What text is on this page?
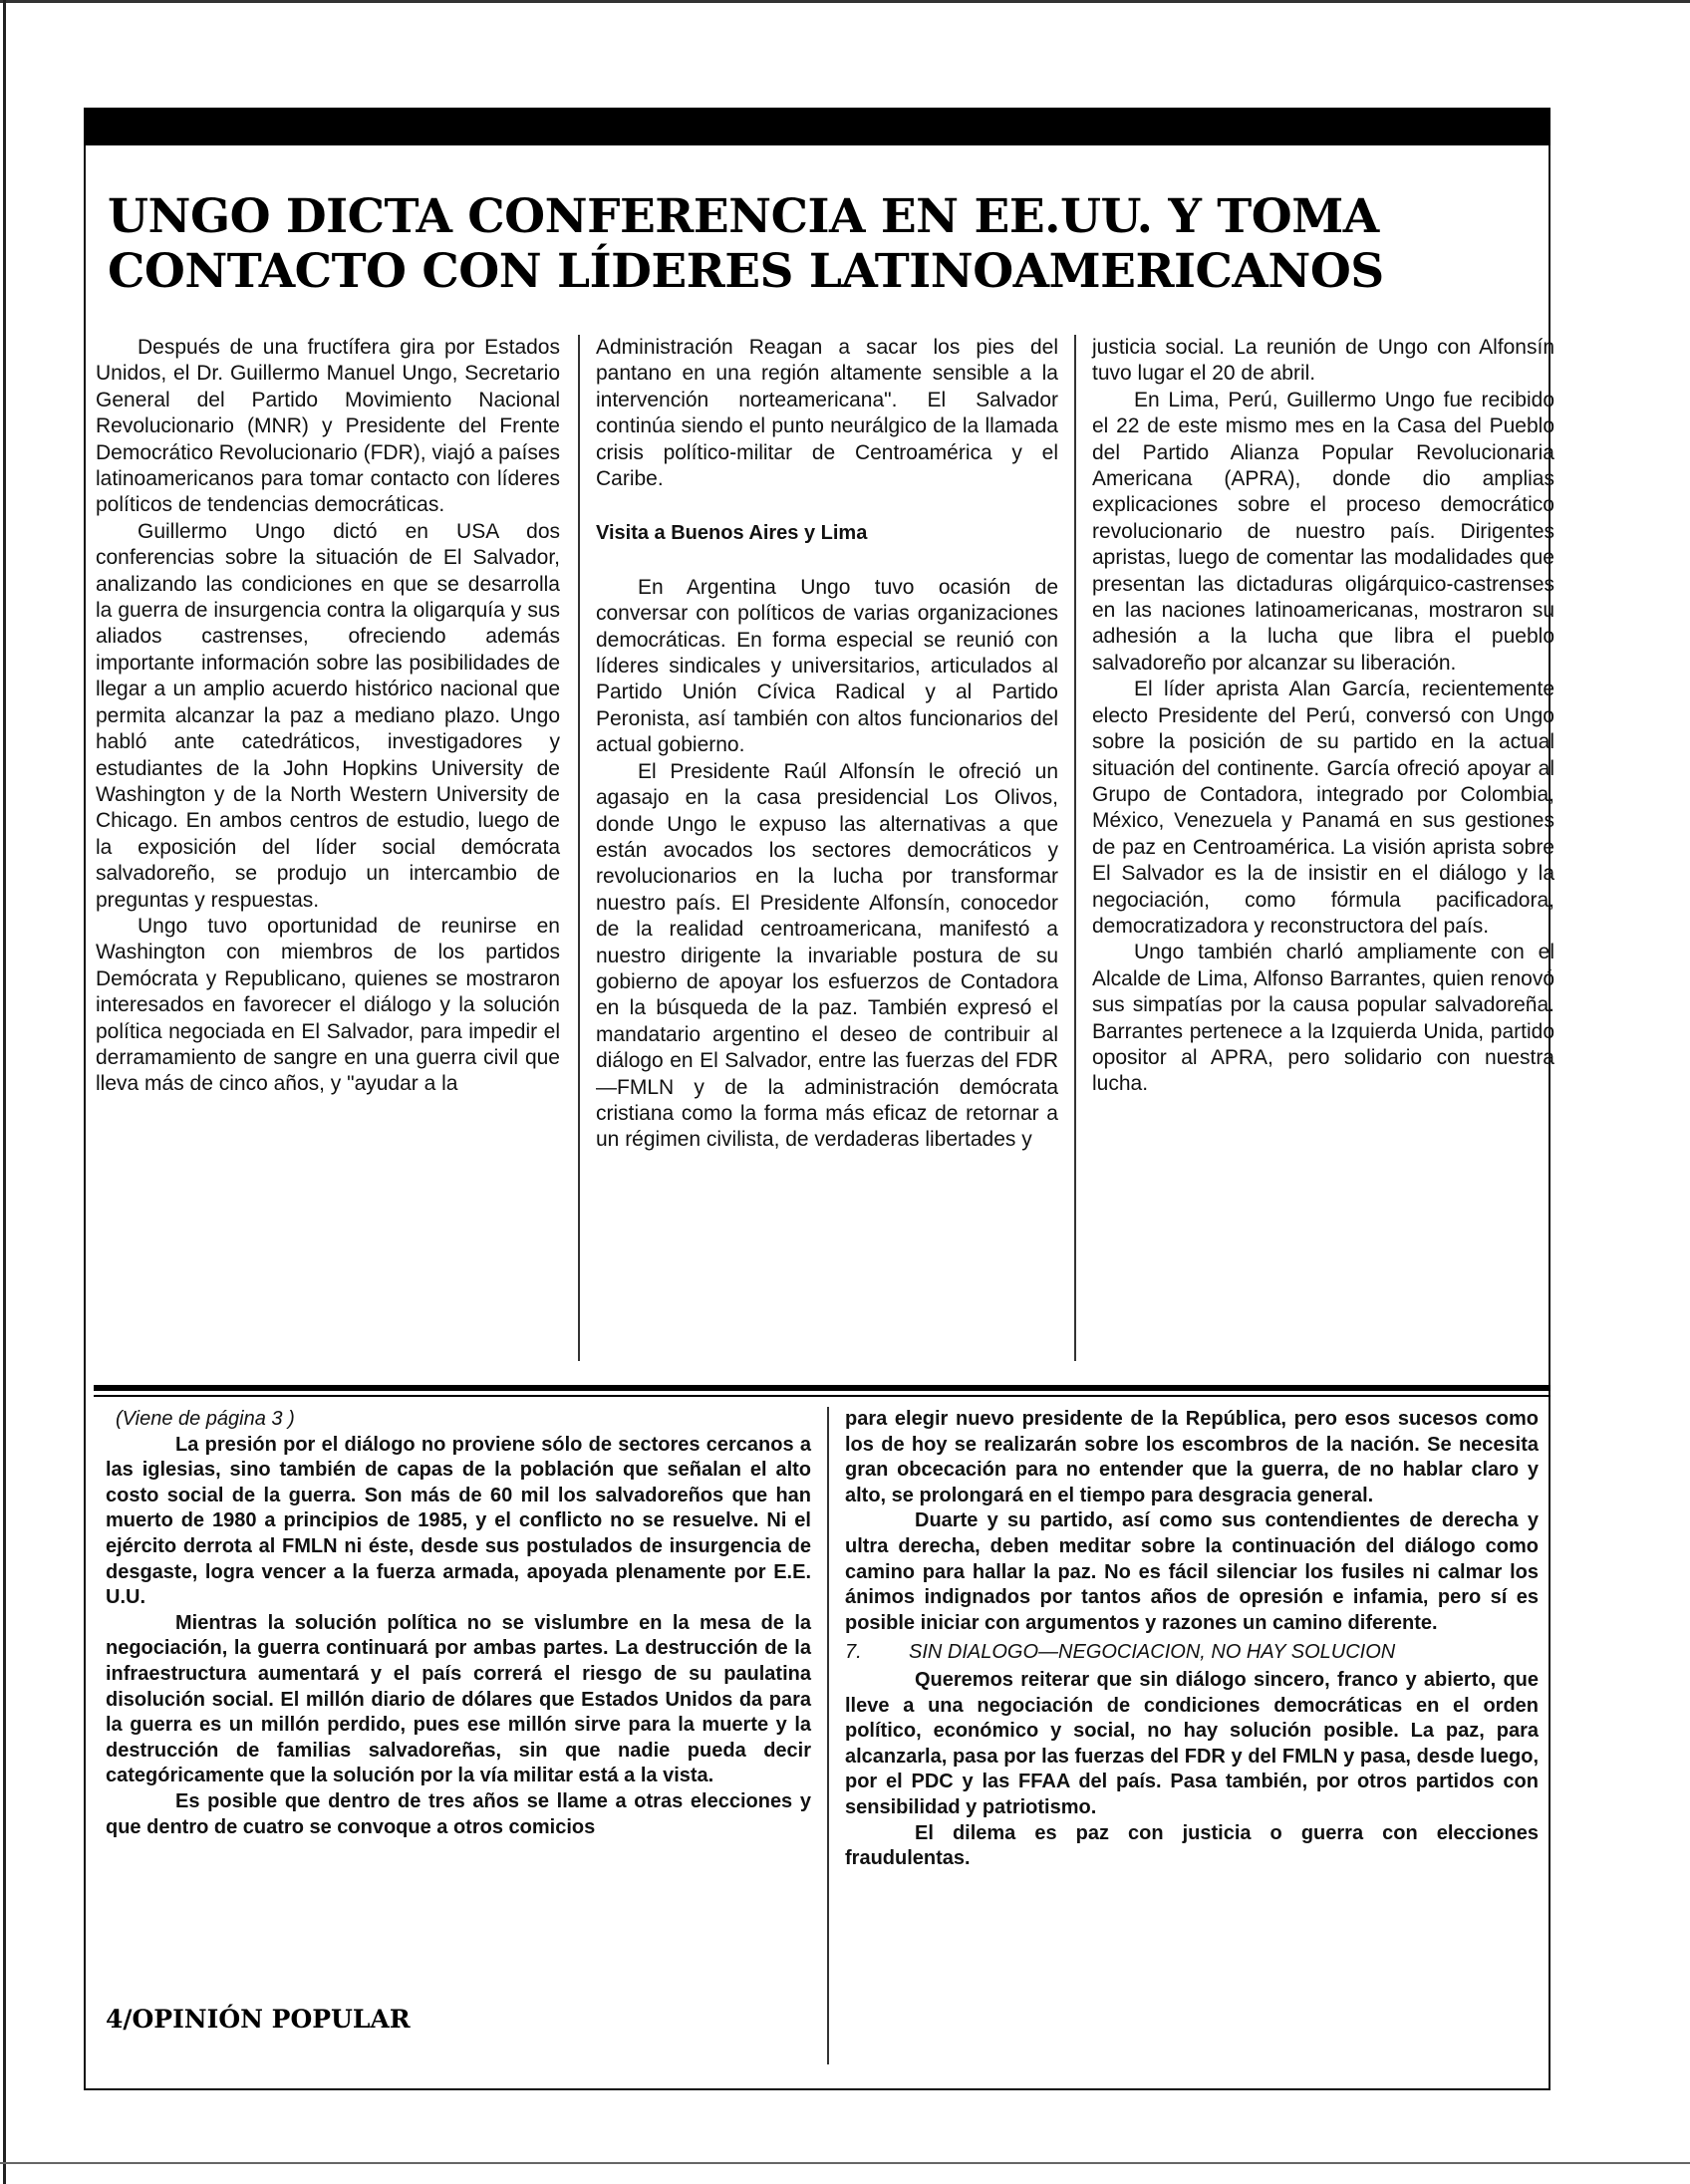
UNGO DICTA CONFERENCIA EN EE.UU. Y TOMA
CONTACTO CON LÍDERES LATINOAMERICANOS

Después de una fructífera gira por Estados Unidos, el Dr. Guillermo Manuel Ungo, Secretario General del Partido Movimiento Nacional Revolucionario (MNR) y Presidente del Frente Democrático Revolucionario (FDR), viajó a países latinoamericanos para tomar contacto con líderes políticos de tendencias democráticas.

Guillermo Ungo dictó en USA dos conferencias sobre la situación de El Salvador, analizando las condiciones en que se desarrolla la guerra de insurgencia contra la oligarquía y sus aliados castrenses, ofreciendo además importante información sobre las posibilidades de llegar a un amplio acuerdo histórico nacional que permita alcanzar la paz a mediano plazo. Ungo habló ante catedráticos, investigadores y estudiantes de la John Hopkins University de Washington y de la North Western University de Chicago. En ambos centros de estudio, luego de la exposición del líder social demócrata salvadoreño, se produjo un intercambio de preguntas y respuestas.

Ungo tuvo oportunidad de reunirse en Washington con miembros de los partidos Demócrata y Republicano, quienes se mostraron interesados en favorecer el diálogo y la solución política negociada en El Salvador, para impedir el derramamiento de sangre en una guerra civil que lleva más de cinco años, y "ayudar a la

Administración Reagan a sacar los pies del pantano en una región altamente sensible a la intervención norteamericana". El Salvador continúa siendo el punto neurálgico de la llamada crisis político-militar de Centroamérica y el Caribe.

Visita a Buenos Aires y Lima

En Argentina Ungo tuvo ocasión de conversar con políticos de varias organizaciones democráticas. En forma especial se reunió con líderes sindicales y universitarios, articulados al Partido Unión Cívica Radical y al Partido Peronista, así también con altos funcionarios del actual gobierno.

El Presidente Raúl Alfonsín le ofreció un agasajo en la casa presidencial Los Olivos, donde Ungo le expuso las alternativas a que están avocados los sectores democráticos y revolucionarios en la lucha por transformar nuestro país. El Presidente Alfonsín, conocedor de la realidad centroamericana, manifestó a nuestro dirigente la invariable postura de su gobierno de apoyar los esfuerzos de Contadora en la búsqueda de la paz. También expresó el mandatario argentino el deseo de contribuir al diálogo en El Salvador, entre las fuerzas del FDR—FMLN y de la administración demócrata cristiana como la forma más eficaz de retornar a un régimen civilista, de verdaderas libertades y

justicia social. La reunión de Ungo con Alfonsín tuvo lugar el 20 de abril.

En Lima, Perú, Guillermo Ungo fue recibido el 22 de este mismo mes en la Casa del Pueblo del Partido Alianza Popular Revolucionaria Americana (APRA), donde dio amplias explicaciones sobre el proceso democrático revolucionario de nuestro país. Dirigentes apristas, luego de comentar las modalidades que presentan las dictaduras oligárquico-castrenses en las naciones latinoamericanas, mostraron su adhesión a la lucha que libra el pueblo salvadoreño por alcanzar su liberación.

El líder aprista Alan García, recientemente electo Presidente del Perú, conversó con Ungo sobre la posición de su partido en la actual situación del continente. García ofreció apoyar al Grupo de Contadora, integrado por Colombia, México, Venezuela y Panamá en sus gestiones de paz en Centroamérica. La visión aprista sobre El Salvador es la de insistir en el diálogo y la negociación, como fórmula pacificadora, democratizadora y reconstructora del país.

Ungo también charló ampliamente con el Alcalde de Lima, Alfonso Barrantes, quien renovó sus simpatías por la causa popular salvadoreña. Barrantes pertenece a la Izquierda Unida, partido opositor al APRA, pero solidario con nuestra lucha.

(Viene de página 3 )

La presión por el diálogo no proviene sólo de sectores cercanos a las iglesias, sino también de capas de la población que señalan el alto costo social de la guerra. Son más de 60 mil los salvadoreños que han muerto de 1980 a principios de 1985, y el conflicto no se resuelve. Ni el ejército derrota al FMLN ni éste, desde sus postulados de insurgencia de desgaste, logra vencer a la fuerza armada, apoyada plenamente por E.E. U.U.

Mientras la solución política no se vislumbre en la mesa de la negociación, la guerra continuará por ambas partes. La destrucción de la infraestructura aumentará y el país correrá el riesgo de su paulatina disolución social. El millón diario de dólares que Estados Unidos da para la guerra es un millón perdido, pues ese millón sirve para la muerte y la destrucción de familias salvadoreñas, sin que nadie pueda decir categóricamente que la solución por la vía militar está a la vista.

Es posible que dentro de tres años se llame a otras elecciones y que dentro de cuatro se convoque a otros comicios

para elegir nuevo presidente de la República, pero esos sucesos como los de hoy se realizarán sobre los escombros de la nación. Se necesita gran obcecación para no entender que la guerra, de no hablar claro y alto, se prolongará en el tiempo para desgracia general.

Duarte y su partido, así como sus contendientes de derecha y ultra derecha, deben meditar sobre la continuación del diálogo como camino para hallar la paz. No es fácil silenciar los fusiles ni calmar los ánimos indignados por tantos años de opresión e infamia, pero sí es posible iniciar con argumentos y razones un camino diferente.

7. SIN DIALOGO—NEGOCIACION, NO HAY SOLUCION

Queremos reiterar que sin diálogo sincero, franco y abierto, que lleve a una negociación de condiciones democráticas en el orden político, económico y social, no hay solución posible. La paz, para alcanzarla, pasa por las fuerzas del FDR y del FMLN y pasa, desde luego, por el PDC y las FFAA del país. Pasa también, por otros partidos con sensibilidad y patriotismo.

El dilema es paz con justicia o guerra con elecciones fraudulentas.

4/OPINIÓN POPULAR
